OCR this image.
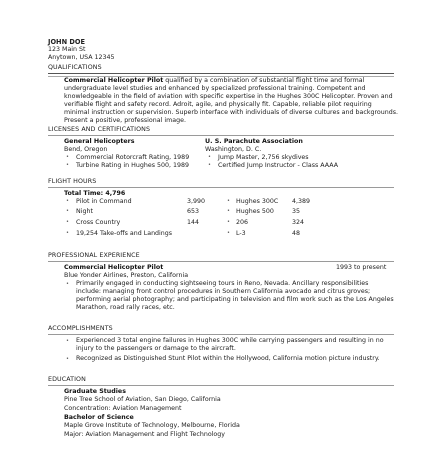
JOHN DOE
123 Main St
Anytown, USA 12345
QUALIFICATIONS
Commercial Helicopter Pilot qualified by a combination of substantial flight time and formal
undergraduate level studies and enhanced by specialized professional training. Competent and
knowledgeable in the field of aviation with specific expertise in the Hughes 300C Helicopter. Proven and
verifiable flight and safety record. Adroit, agile, and physically fit. Capable, reliable pilot requiring
minimal instruction or supervision. Superb interface with individuals of diverse cultures and backgrounds.
Present a positive, professional image.
LICENSES AND CERTIFICATIONS
General Helicopters
Bend, Oregon
• Commercial Rotorcraft Rating, 1989
• Turbine Rating in Hughes 500, 1989
U. S. Parachute Association
Washington, D. C.
• Jump Master, 2,756 skydives
• Certified Jump Instructor - Class AAAA
FLIGHT HOURS
Total Time: 4,796
• Pilot in Command	3,990
• Night	653
• Cross Country	144
• 19,254 Take-offs and Landings
• Hughes 300C 4,389
• Hughes 500	35
• 206	324
• L-3	48
PROFESSIONAL EXPERIENCE
Commercial Helicopter Pilot	1993 to present
Blue Yonder Airlines, Preston, California
• Primarily engaged in conducting sightseeing tours in Reno, Nevada. Ancillary responsibilities include: managing front control procedures in Southern California avocado and citrus groves; performing aerial photography; and participating in television and film work such as the Los Angeles Marathon, road rally races, etc.
ACCOMPLISHMENTS
• Experienced 3 total engine failures in Hughes 300C while carrying passengers and resulting in no injury to the passengers or damage to the aircraft.
• Recognized as Distinguished Stunt Pilot within the Hollywood, California motion picture industry.
EDUCATION
Graduate Studies
Pine Tree School of Aviation, San Diego, California
Concentration: Aviation Management
Bachelor of Science
Maple Grove Institute of Technology, Melbourne, Florida
Major: Aviation Management and Flight Technology
